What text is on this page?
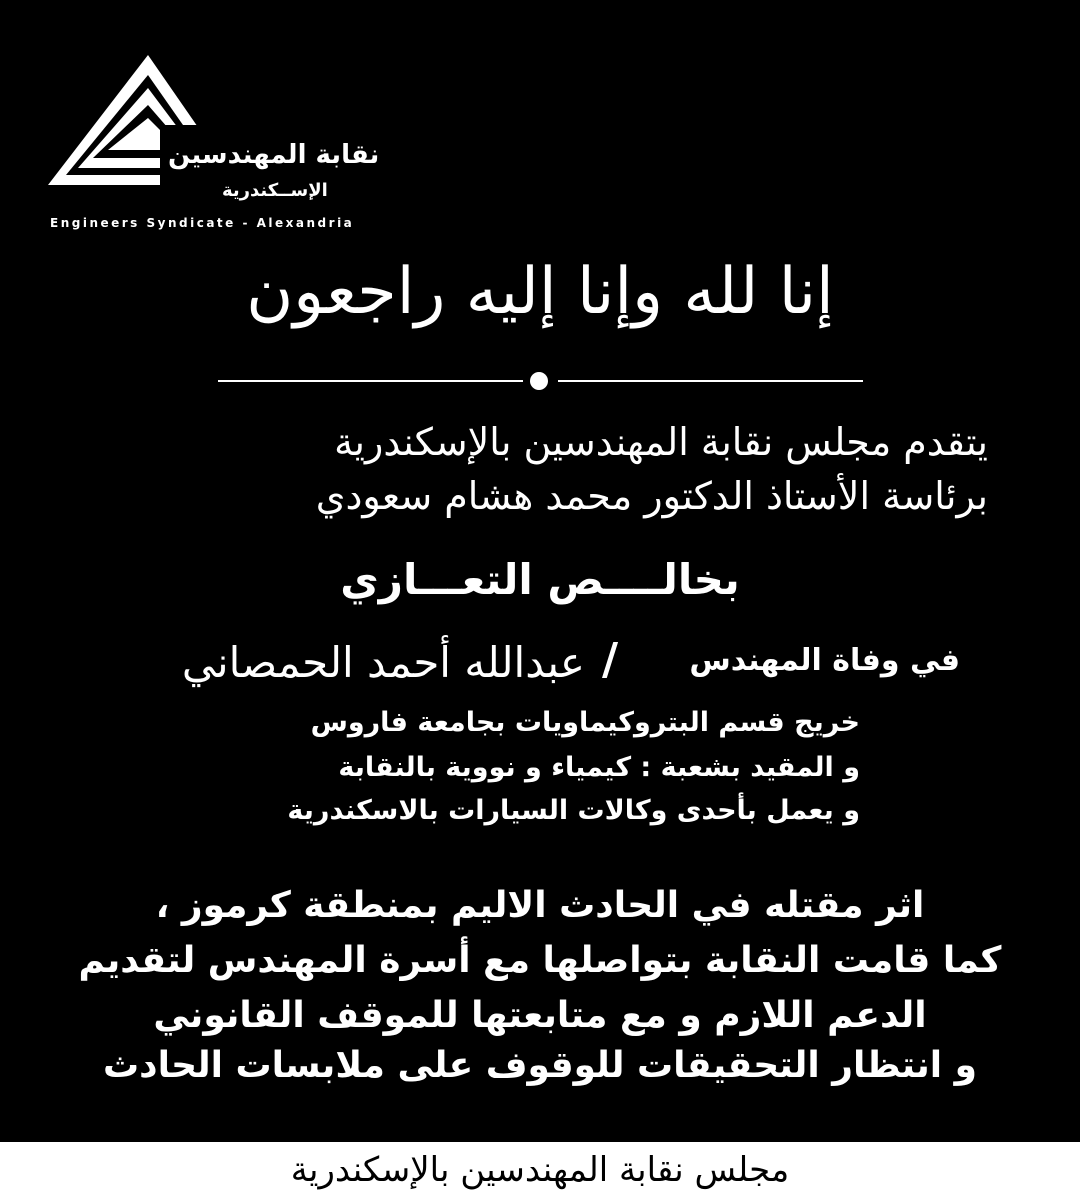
نقابة المهندسين
الإســكندرية
Engineers Syndicate - Alexandria
إنا لله وإنا إليه راجعون
يتقدم مجلس نقابة المهندسين بالإسكندرية
برئاسة الأستاذ الدكتور محمد هشام سعودي
بخالــــص التعـــازي
في وفاة المهندس
/
عبدالله أحمد الحمصاني
خريج قسم البتروكيماويات بجامعة فاروس
و المقيد بشعبة : كيمياء و نووية بالنقابة
و يعمل بأحدى وكالات السيارات بالاسكندرية
اثر مقتله في الحادث الاليم بمنطقة كرموز ،
كما قامت النقابة بتواصلها مع أسرة المهندس لتقديم
الدعم اللازم و مع متابعتها للموقف القانوني
و انتظار التحقيقات للوقوف على ملابسات الحادث
مجلس نقابة المهندسين بالإسكندرية
